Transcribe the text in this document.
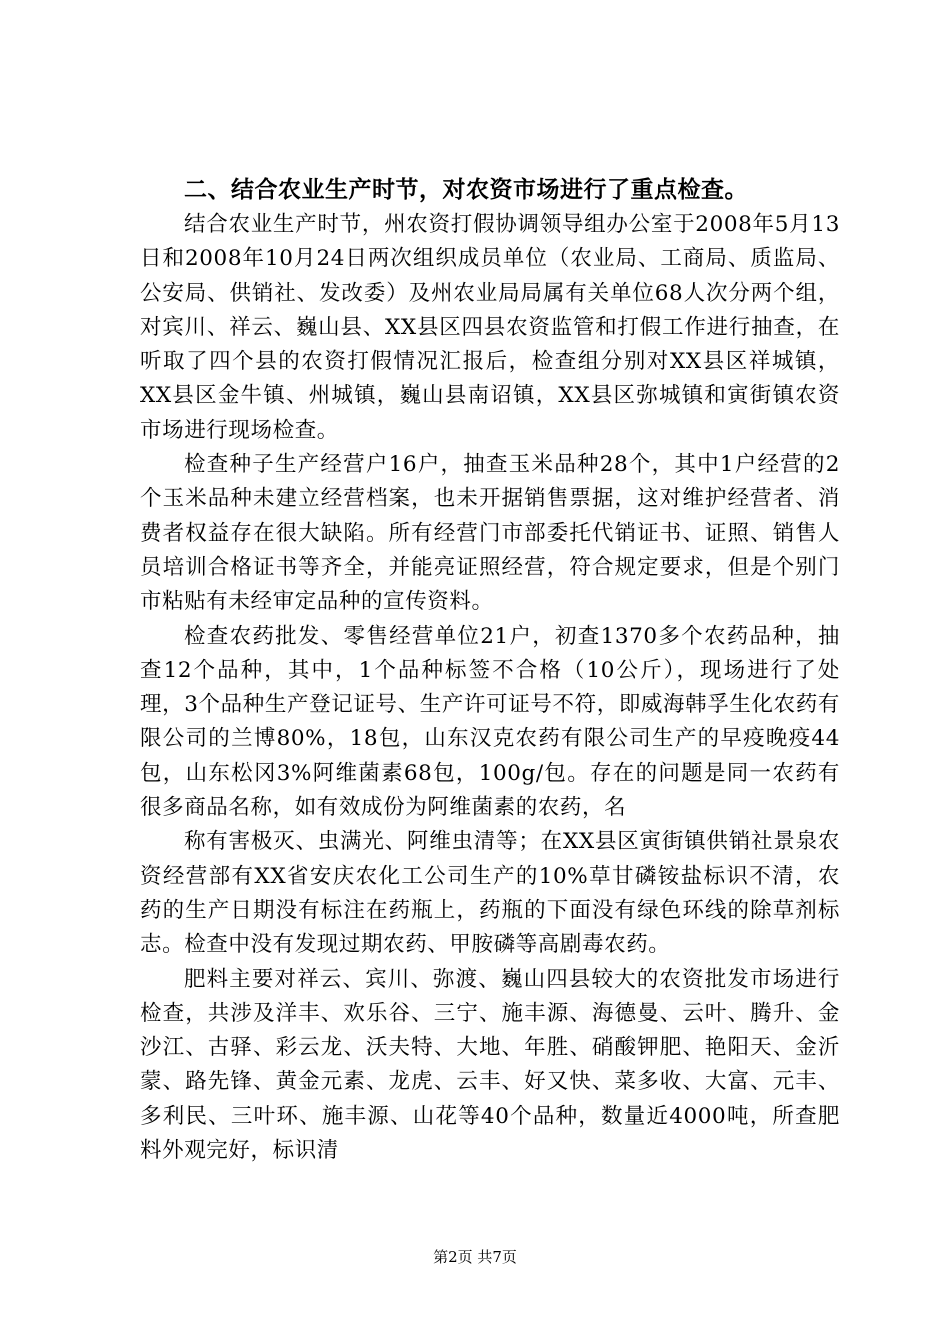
二、结合农业生产时节，对农资市场进行了重点检查。

结合农业生产时节，州农资打假协调领导组办公室于2008年5月13日和2008年10月24日两次组织成员单位（农业局、工商局、质监局、公安局、供销社、发改委）及州农业局局属有关单位68人次分两个组，对宾川、祥云、巍山县、XX县区四县农资监管和打假工作进行抽查，在听取了四个县的农资打假情况汇报后，检查组分别对XX县区祥城镇，XX县区金牛镇、州城镇，巍山县南诏镇，XX县区弥城镇和寅街镇农资市场进行现场检查。

检查种子生产经营户16户，抽查玉米品种28个，其中1户经营的2个玉米品种未建立经营档案，也未开据销售票据，这对维护经营者、消费者权益存在很大缺陷。所有经营门市部委托代销证书、证照、销售人员培训合格证书等齐全，并能亮证照经营，符合规定要求，但是个别门市粘贴有未经审定品种的宣传资料。

检查农药批发、零售经营单位21户，初查1370多个农药品种，抽查12个品种，其中，1个品种标签不合格（10公斤），现场进行了处理，3个品种生产登记证号、生产许可证号不符，即威海韩孚生化农药有限公司的兰博80%，18包，山东汉克农药有限公司生产的早疫晚疫44包，山东松冈3%阿维菌素68包，100g/包。存在的问题是同一农药有很多商品名称，如有效成份为阿维菌素的农药，名

称有害极灭、虫满光、阿维虫清等；在XX县区寅街镇供销社景泉农资经营部有XX省安庆农化工公司生产的10%草甘磷铵盐标识不清，农药的生产日期没有标注在药瓶上，药瓶的下面没有绿色环线的除草剂标志。检查中没有发现过期农药、甲胺磷等高剧毒农药。

肥料主要对祥云、宾川、弥渡、巍山四县较大的农资批发市场进行检查，共涉及洋丰、欢乐谷、三宁、施丰源、海德曼、云叶、腾升、金沙江、古驿、彩云龙、沃夫特、大地、年胜、硝酸钾肥、艳阳天、金沂蒙、路先锋、黄金元素、龙虎、云丰、好又快、菜多收、大富、元丰、多利民、三叶环、施丰源、山花等40个品种，数量近4000吨，所查肥料外观完好，标识清

第2页 共7页
